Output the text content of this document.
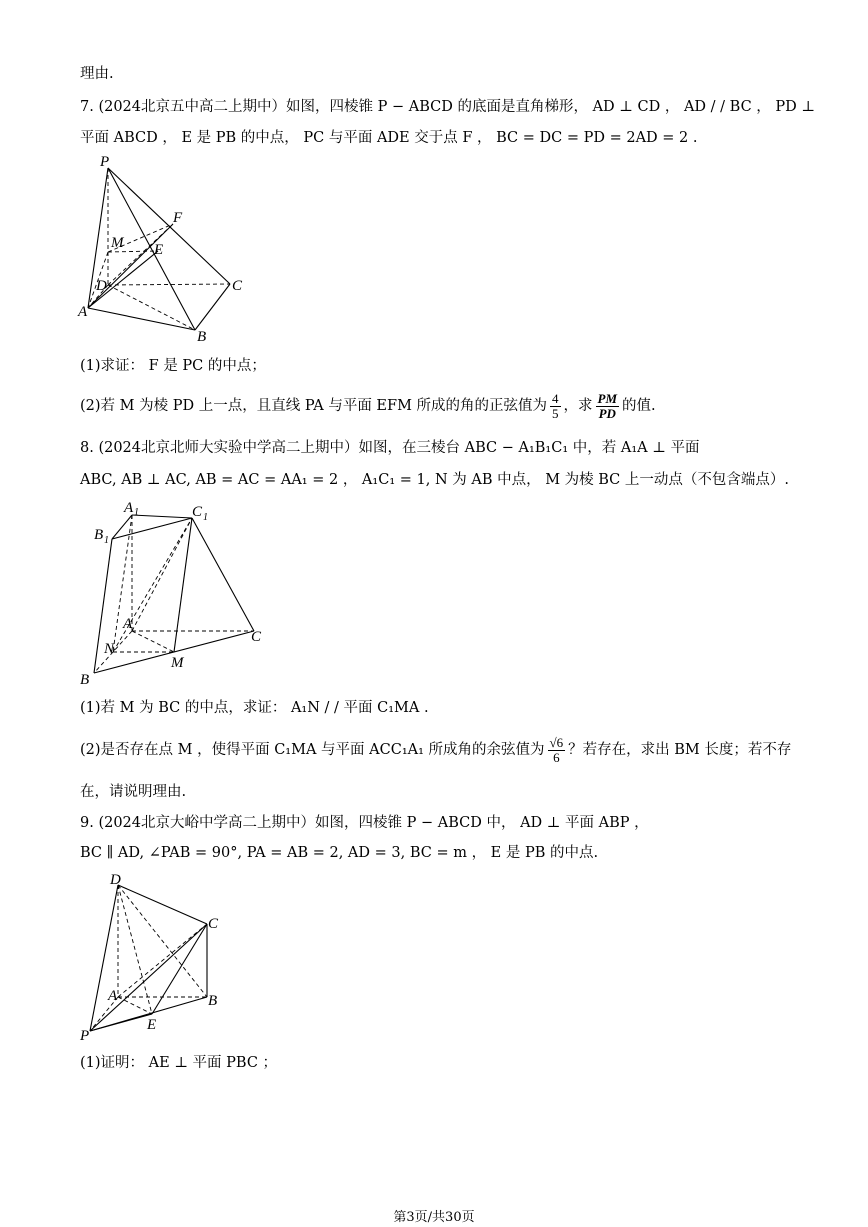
理由.
7. (2024北京五中高二上期中）如图，四棱锥 P − ABCD 的底面是直角梯形， AD ⊥ CD ， AD / / BC ， PD ⊥
平面 ABCD ， E 是 PB 的中点， PC 与平面 ADE 交于点 F ， BC = DC = PD = 2AD = 2 .
P
F
M E
D	C
A
B
(1)求证： F 是 PC 的中点；
(2)若 M 为棱 PD 上一点，且直线 PA 与平面 EFM 所成的角的正弦值为 $\frac{4}{5}$ ，求 $\frac{PM}{PD}$ 的值.
8. (2024北京北师大实验中学高二上期中）如图，在三棱台 ABC − A₁B₁C₁ 中，若 A₁A ⊥ 平面
ABC, AB ⊥ AC, AB = AC = AA₁ = 2 ， A₁C₁ = 1, N 为 AB 中点， M 为棱 BC 上一动点（不包含端点）.
A 1	C 1
B 1
A
C
N
M
B
(1)若 M 为 BC 的中点，求证： A₁N / / 平面 C₁MA .
(2)是否存在点 M ，使得平面 C₁MA 与平面 ACC₁A₁ 所成角的余弦值为 $\frac{√6}{6}$ ？若存在，求出 BM 长度；若不存
在，请说明理由.
9. (2024北京大峪中学高二上期中）如图，四棱锥 P − ABCD 中， AD ⊥ 平面 ABP ，
BC ∥ AD, ∠PAB = 90°, PA = AB = 2, AD = 3, BC = m ， E 是 PB 的中点.
D
C
A	B
E
P
(1)证明： AE ⊥ 平面 PBC ；
第3页/共30页
